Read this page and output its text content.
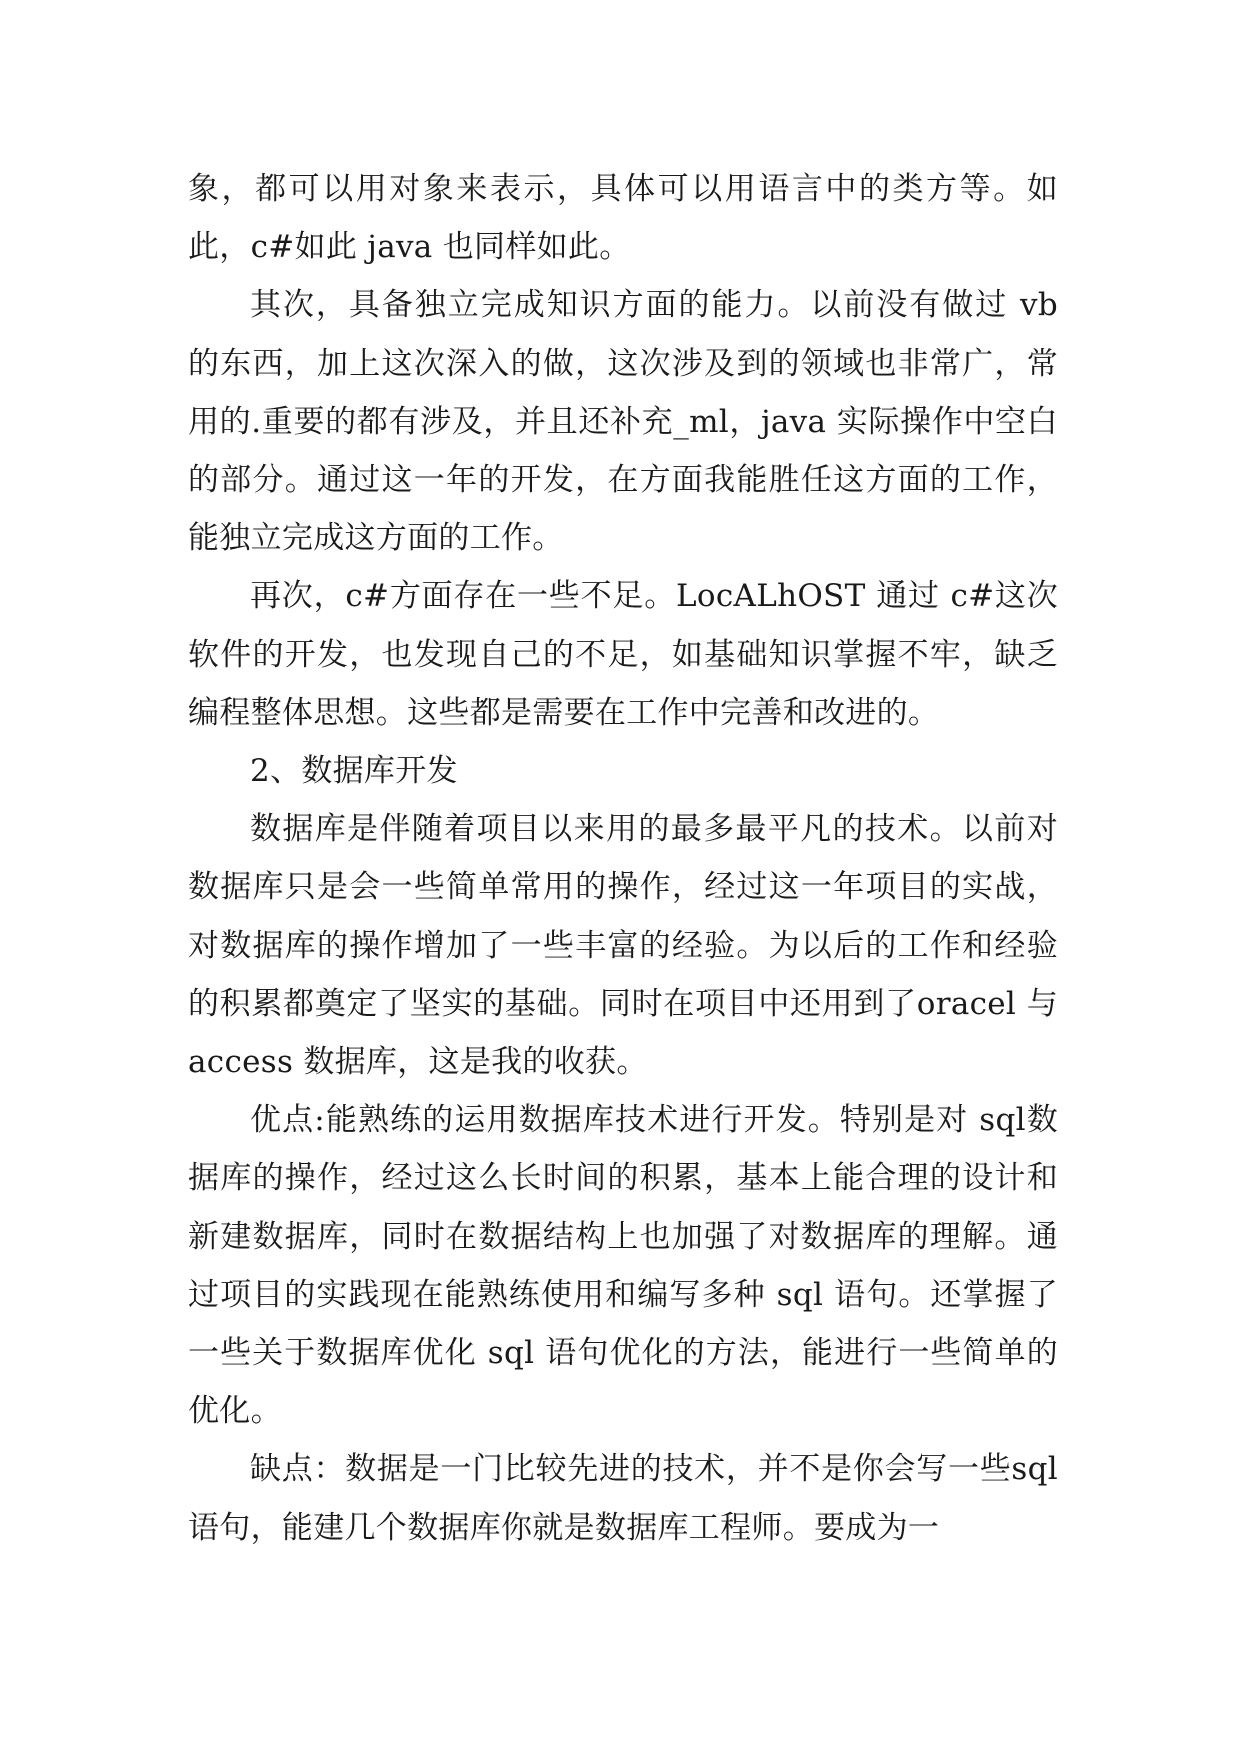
象，都可以用对象来表示，具体可以用语言中的类方等。如此，c#如此 java 也同样如此。

其次，具备独立完成知识方面的能力。以前没有做过 vb 的东西，加上这次深入的做，这次涉及到的领域也非常广，常用的.重要的都有涉及，并且还补充_ml，java 实际操作中空白的部分。通过这一年的开发，在方面我能胜任这方面的工作，能独立完成这方面的工作。

再次，c#方面存在一些不足。LocALhOST 通过 c#这次软件的开发，也发现自己的不足，如基础知识掌握不牢，缺乏编程整体思想。这些都是需要在工作中完善和改进的。

2、数据库开发

数据库是伴随着项目以来用的最多最平凡的技术。以前对数据库只是会一些简单常用的操作，经过这一年项目的实战，对数据库的操作增加了一些丰富的经验。为以后的工作和经验的积累都奠定了坚实的基础。同时在项目中还用到了oracel 与 access 数据库，这是我的收获。

优点:能熟练的运用数据库技术进行开发。特别是对 sql数据库的操作，经过这么长时间的积累，基本上能合理的设计和新建数据库，同时在数据结构上也加强了对数据库的理解。通过项目的实践现在能熟练使用和编写多种 sql 语句。还掌握了一些关于数据库优化 sql 语句优化的方法，能进行一些简单的优化。

缺点：数据是一门比较先进的技术，并不是你会写一些sql 语句，能建几个数据库你就是数据库工程师。要成为一
